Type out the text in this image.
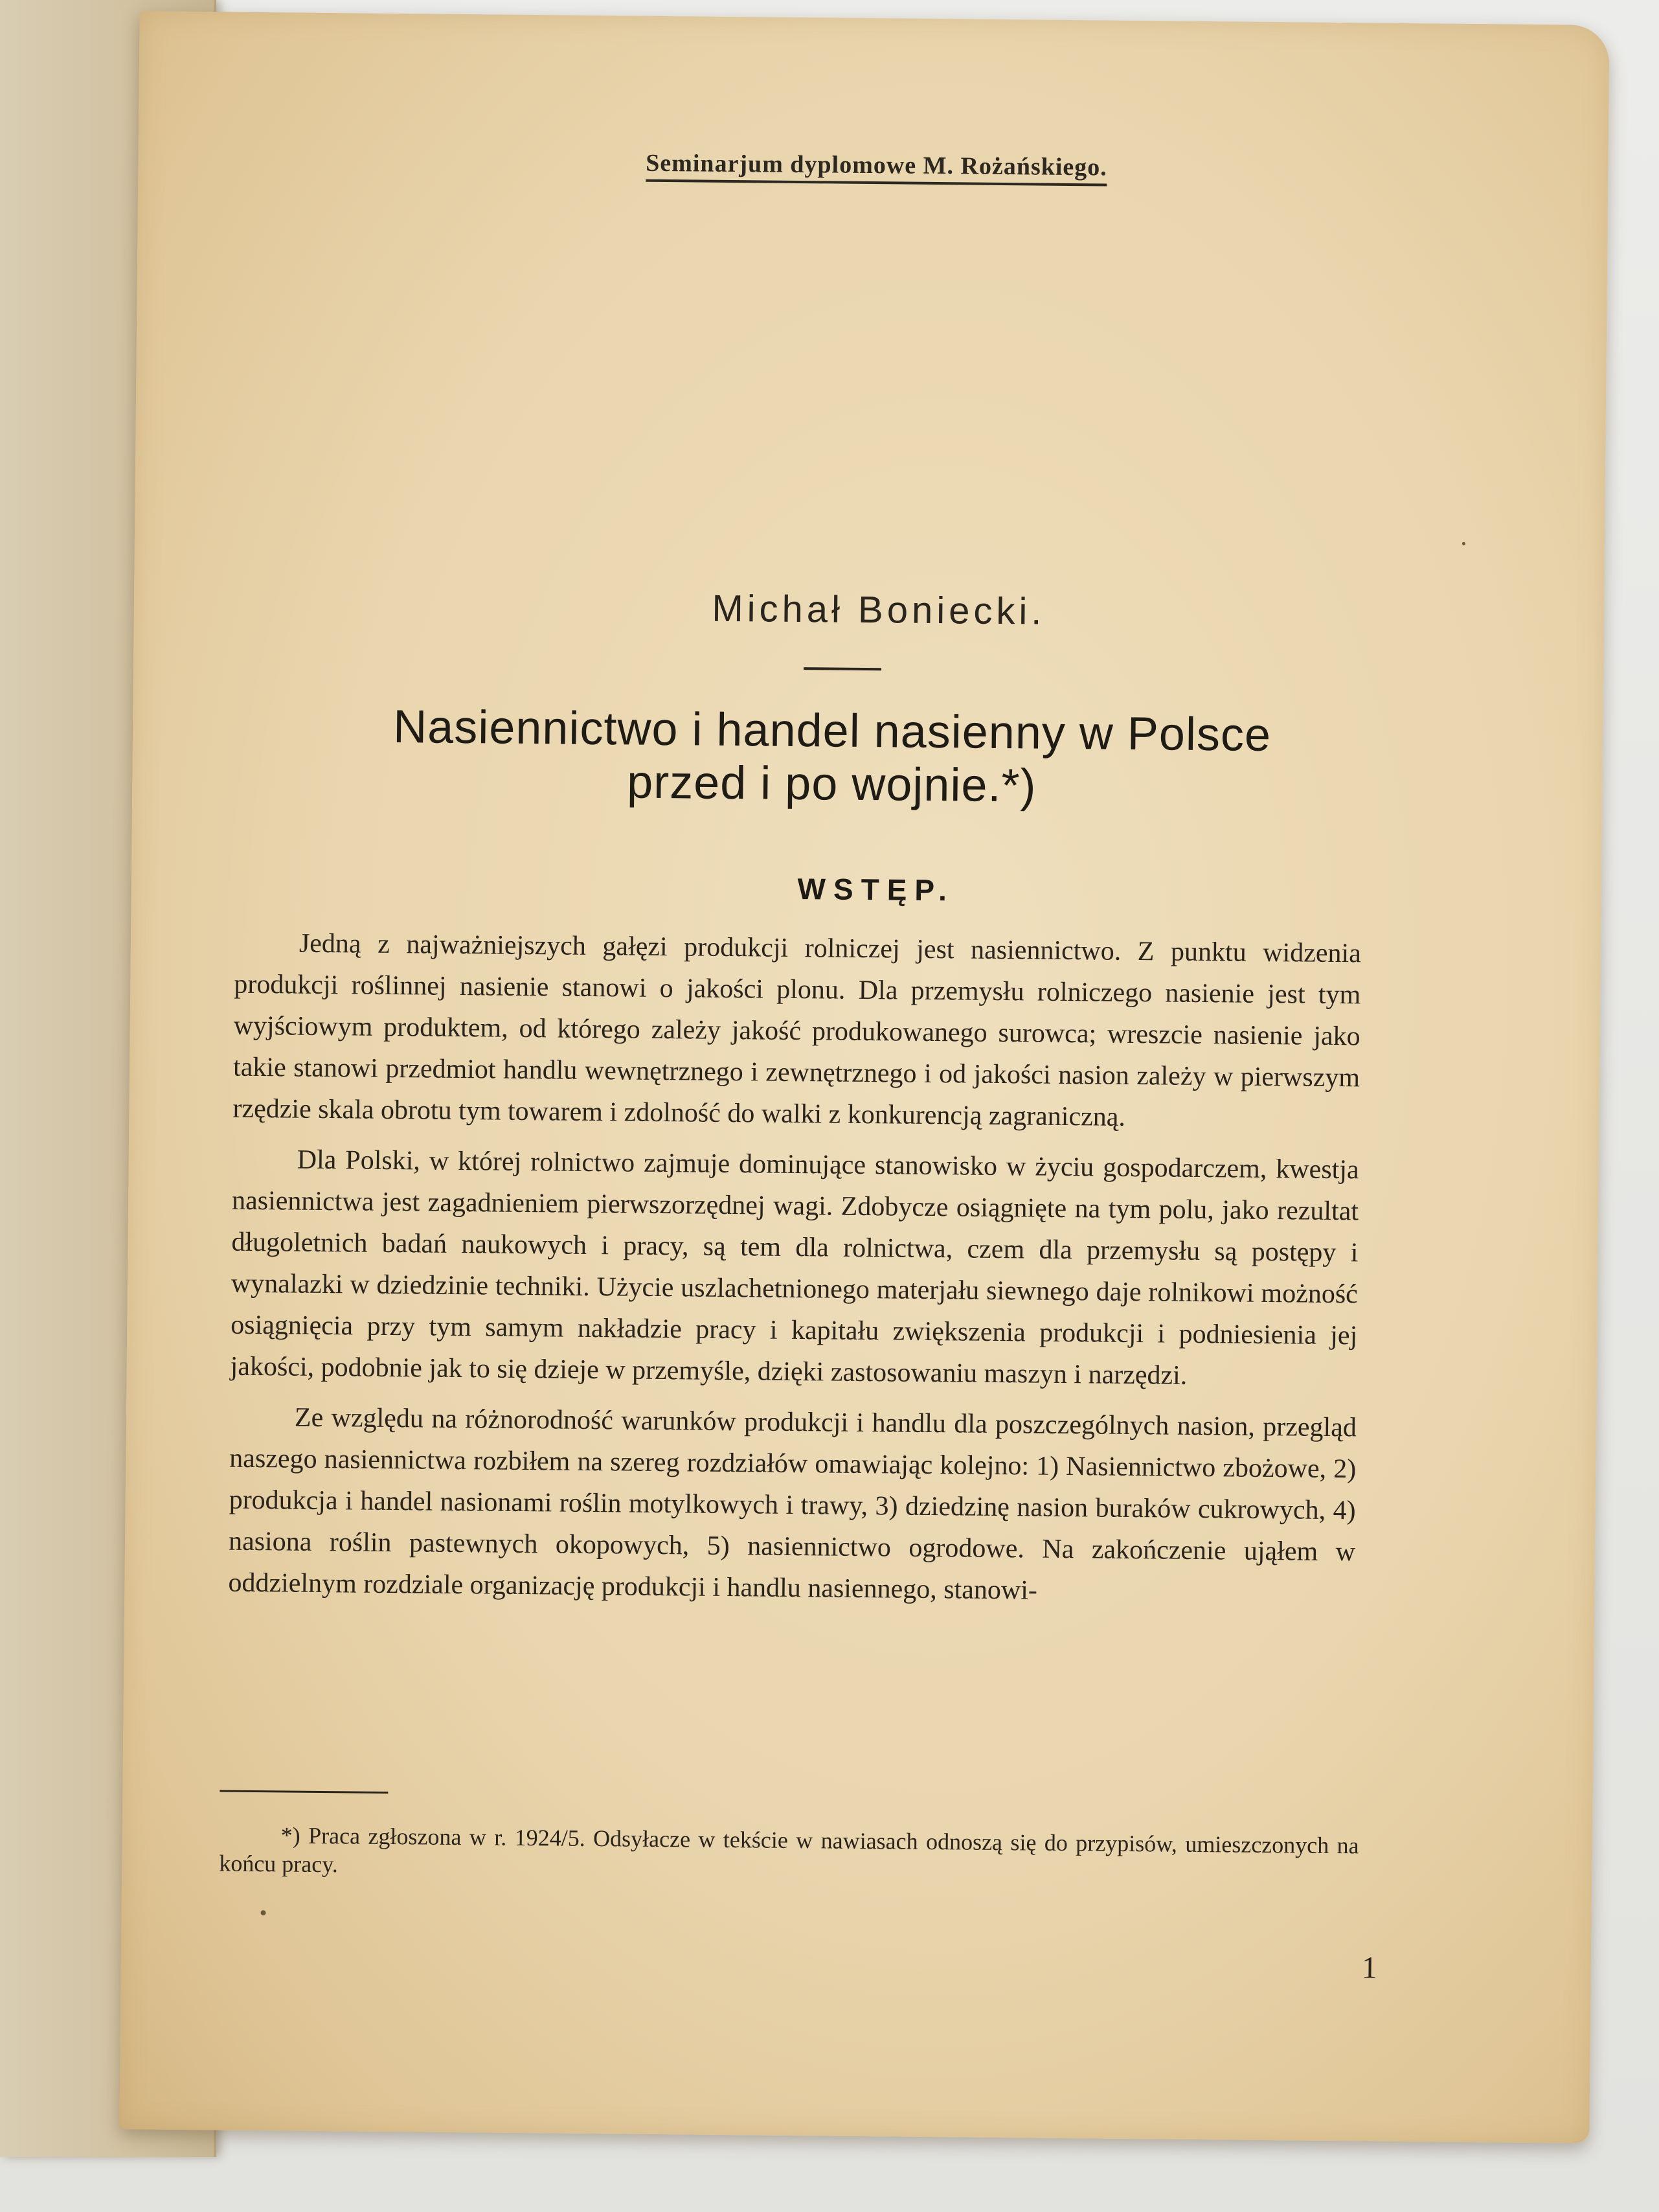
Seminarjum dyplomowe M. Rożańskiego.
Michał Boniecki.
Nasiennictwo i handel nasienny w Polsce
przed i po wojnie.*)
WSTĘP.

Jedną z najważniejszych gałęzi produkcji rolniczej jest nasiennictwo. Z punktu widzenia produkcji roślinnej nasienie stanowi o jakości plonu. Dla przemysłu rolniczego nasienie jest tym wyjściowym produktem, od którego zależy jakość produkowanego surowca; wreszcie nasienie jako takie stanowi przedmiot handlu wewnętrznego i zewnętrznego i od jakości nasion zależy w pierwszym rzędzie skala obrotu tym towarem i zdolność do walki z konkurencją zagraniczną.

Dla Polski, w której rolnictwo zajmuje dominujące stanowisko w życiu gospodarczem, kwestja nasiennictwa jest zagadnieniem pierwszorzędnej wagi. Zdobycze osiągnięte na tym polu, jako rezultat długoletnich badań naukowych i pracy, są tem dla rolnictwa, czem dla przemysłu są postępy i wynalazki w dziedzinie techniki. Użycie uszlachetnionego materjału siewnego daje rolnikowi możność osiągnięcia przy tym samym nakładzie pracy i kapitału zwiększenia produkcji i podniesienia jej jakości, podobnie jak to się dzieje w przemyśle, dzięki zastosowaniu maszyn i narzędzi.

Ze względu na różnorodność warunków produkcji i handlu dla poszczególnych nasion, przegląd naszego nasiennictwa rozbiłem na szereg rozdziałów omawiając kolejno: 1) Nasiennictwo zbożowe, 2) produkcja i handel nasionami roślin motylkowych i trawy, 3) dziedzinę nasion buraków cukrowych, 4) nasiona roślin pastewnych okopowych, 5) nasiennictwo ogrodowe. Na zakończenie ująłem w oddzielnym rozdziale organizację produkcji i handlu nasiennego, stanowi-

*) Praca zgłoszona w r. 1924/5. Odsyłacze w tekście w nawiasach odnoszą się do przypisów, umieszczonych na końcu pracy.
1
